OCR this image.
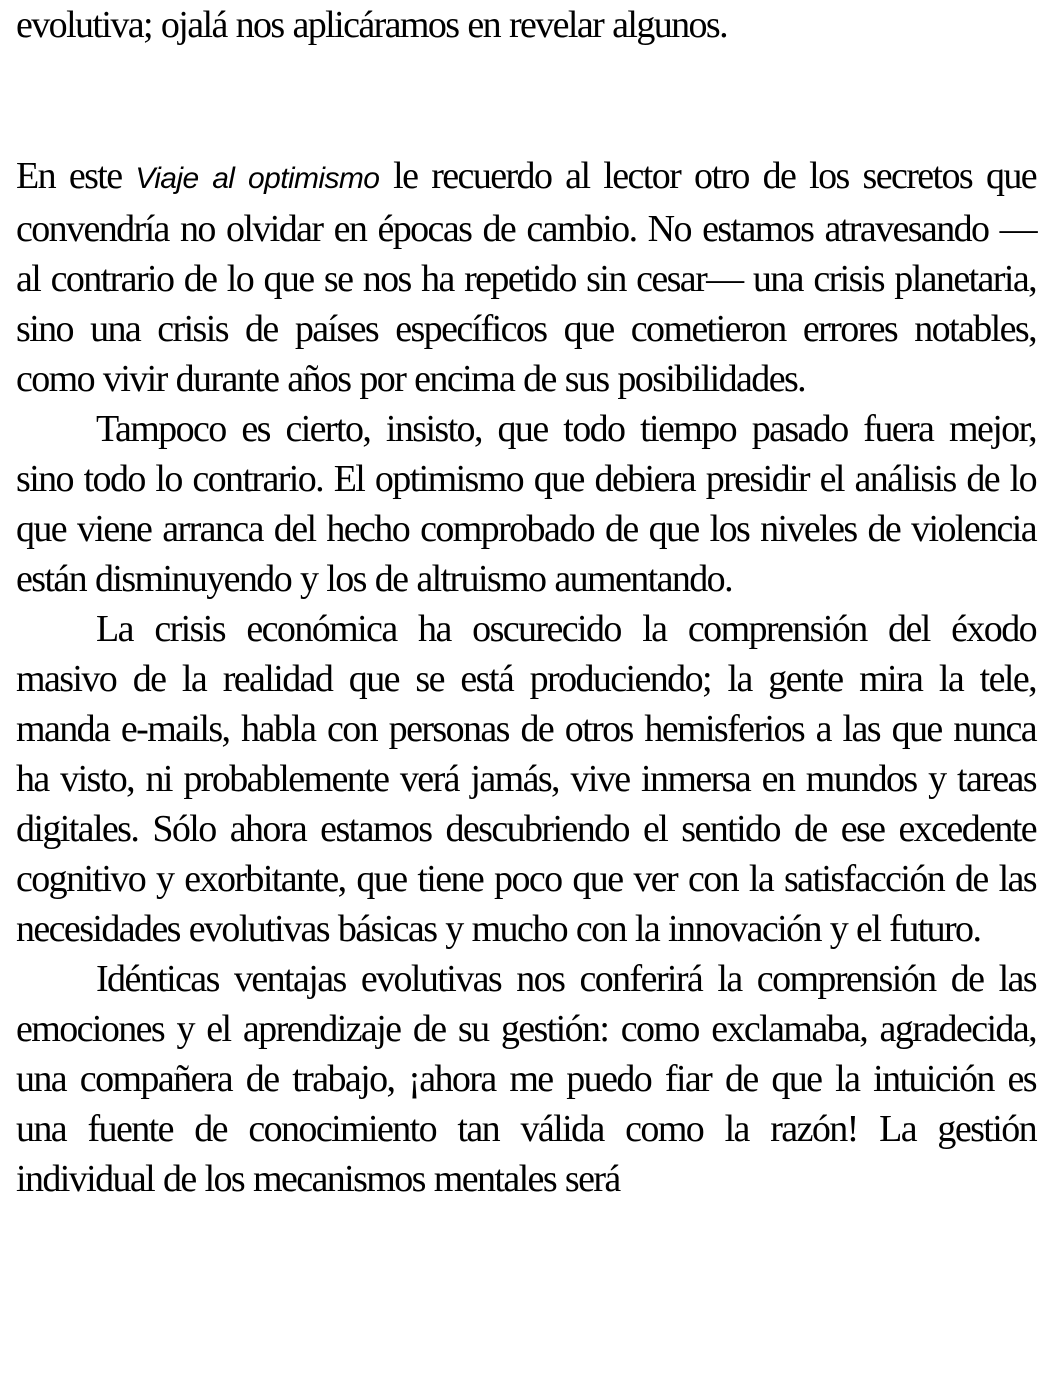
evolutiva; ojalá nos aplicáramos en revelar algunos.

En este Viaje al optimismo le recuerdo al lector otro de los secretos que convendría no olvidar en épocas de cambio. No estamos atravesando —al contrario de lo que se nos ha repetido sin cesar— una crisis planetaria, sino una crisis de países específicos que cometieron errores notables, como vivir durante años por encima de sus posibilidades.

Tampoco es cierto, insisto, que todo tiempo pasado fuera mejor, sino todo lo contrario. El optimismo que debiera presidir el análisis de lo que viene arranca del hecho comprobado de que los niveles de violencia están disminuyendo y los de altruismo aumentando.

La crisis económica ha oscurecido la comprensión del éxodo masivo de la realidad que se está produciendo; la gente mira la tele, manda e-mails, habla con personas de otros hemisferios a las que nunca ha visto, ni probablemente verá jamás, vive inmersa en mundos y tareas digitales. Sólo ahora estamos descubriendo el sentido de ese excedente cognitivo y exorbitante, que tiene poco que ver con la satisfacción de las necesidades evolutivas básicas y mucho con la innovación y el futuro.

Idénticas ventajas evolutivas nos conferirá la comprensión de las emociones y el aprendizaje de su gestión: como exclamaba, agradecida, una compañera de trabajo, ¡ahora me puedo fiar de que la intuición es una fuente de conocimiento tan válida como la razón! La gestión individual de los mecanismos mentales será
